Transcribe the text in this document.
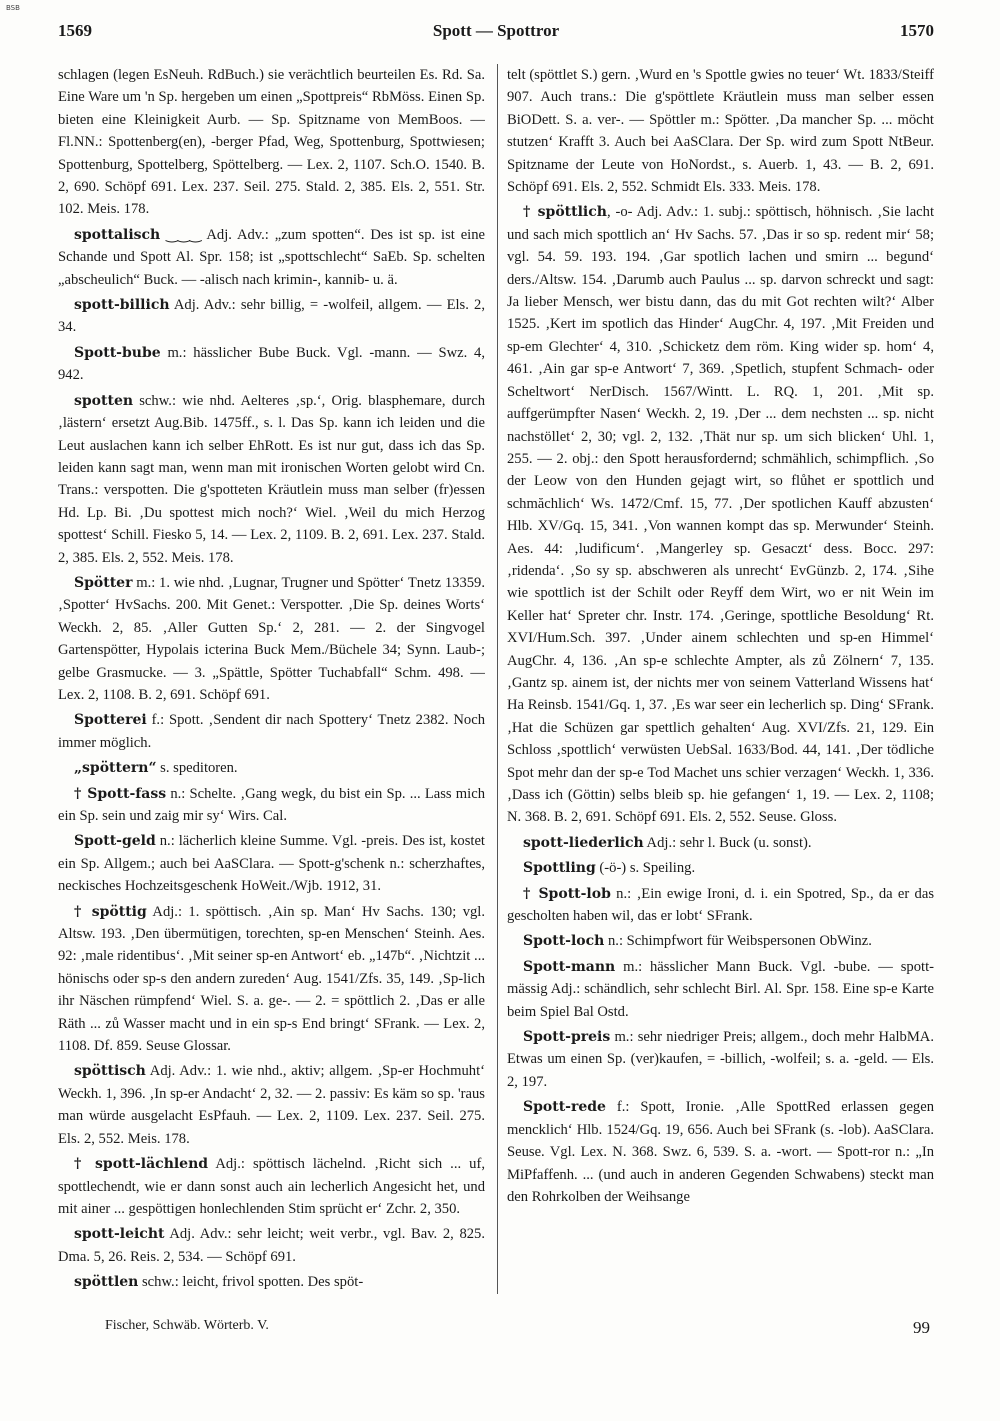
BSB
1569	Spott — Spottror	1570

schlagen (legen EsNeuh. RdBuch.) sie verächtlich beurteilen Es. Rd. Sa. Eine Ware um 'n Sp. hergeben um einen „Spottpreis“ RbMöss. Einen Sp. bieten eine Kleinigkeit Aurb. — Sp. Spitzname von MemBoos. — Fl.NN.: Spottenberg(en), -berger Pfad, Weg, Spottenburg, Spottwiesen; Spottenburg, Spottelberg, Spöttelberg. — Lex. 2, 1107. Sch.O. 1540. B. 2, 690. Schöpf 691. Lex. 237. Seil. 275. Stald. 2, 385. Els. 2, 551. Str. 102. Meis. 178.

spottalisch ‿‿‿ Adj. Adv.: „zum spotten“. Des ist sp. ist eine Schande und Spott Al. Spr. 158; ist „spottschlecht“ SaEb. Sp. schelten „abscheulich“ Buck. — -alisch nach krimin-, kannib- u. ä.

spott-billich Adj. Adv.: sehr billig, = -wolfeil, allgem. — Els. 2, 34.

Spott-bube m.: hässlicher Bube Buck. Vgl. -mann. — Swz. 4, 942.

spotten schw.: wie nhd. Aelteres ‚sp.‘, Orig. blasphemare, durch ‚lästern‘ ersetzt Aug.Bib. 1475ff., s. l. Das Sp. kann ich leiden und die Leut auslachen kann ich selber EhRott. Es ist nur gut, dass ich das Sp. leiden kann sagt man, wenn man mit ironischen Worten gelobt wird Cn. Trans.: verspotten. Die g'spotteten Kräutlein muss man selber (fr)essen Hd. Lp. Bi. ‚Du spottest mich noch?‘ Wiel. ‚Weil du mich Herzog spottest‘ Schill. Fiesko 5, 14. — Lex. 2, 1109. B. 2, 691. Lex. 237. Stald. 2, 385. Els. 2, 552. Meis. 178.

Spötter m.: 1. wie nhd. ‚Lugnar, Trugner und Spötter‘ Tnetz 13359. ‚Spotter‘ HvSachs. 200. Mit Genet.: Verspotter. ‚Die Sp. deines Worts‘ Weckh. 2, 85. ‚Aller Gutten Sp.‘ 2, 281. — 2. der Singvogel Gartenspötter, Hypolais icterina Buck Mem./Büchele 34; Synn. Laub-; gelbe Grasmucke. — 3. „Spättle, Spötter Tuchabfall“ Schm. 498. — Lex. 2, 1108. B. 2, 691. Schöpf 691.

Spotterei f.: Spott. ‚Sendent dir nach Spottery‘ Tnetz 2382. Noch immer möglich.

„spöttern“ s. speditoren.

† Spott-fass n.: Schelte. ‚Gang wegk, du bist ein Sp. ... Lass mich ein Sp. sein und zaig mir sy‘ Wirs. Cal.

Spott-geld n.: lächerlich kleine Summe. Vgl. -preis. Des ist, kostet ein Sp. Allgem.; auch bei AaSClara. — Spott-g'schenk n.: scherzhaftes, neckisches Hochzeitsgeschenk HoWeit./Wjb. 1912, 31.

† spöttig Adj.: 1. spöttisch. ‚Ain sp. Man‘ Hv Sachs. 130; vgl. Altsw. 193. ‚Den übermütigen, torechten, sp-en Menschen‘ Steinh. Aes. 92: ‚male ridentibus‘. ‚Mit seiner sp-en Antwort‘ eb. „147b“. ‚Nichtzit ... hönischs oder sp-s den andern zureden‘ Aug. 1541/Zfs. 35, 149. ‚Sp-lich ihr Näschen rümpfend‘ Wiel. S. a. ge-. — 2. = spöttlich 2. ‚Das er alle Räth ... zů Wasser macht und in ein sp-s End bringt‘ SFrank. — Lex. 2, 1108. Df. 859. Seuse Glossar.

spöttisch Adj. Adv.: 1. wie nhd., aktiv; allgem. ‚Sp-er Hochmuht‘ Weckh. 1, 396. ‚In sp-er Andacht‘ 2, 32. — 2. passiv: Es käm so sp. 'raus man würde ausgelacht EsPfauh. — Lex. 2, 1109. Lex. 237. Seil. 275. Els. 2, 552. Meis. 178.

† spott-lächlend Adj.: spöttisch lächelnd. ‚Richt sich ... uf, spottlechendt, wie er dann sonst auch ain lecherlich Angesicht het, und mit ainer ... gespöttigen honlechlenden Stim sprücht er‘ Zchr. 2, 350.

spott-leicht Adj. Adv.: sehr leicht; weit verbr., vgl. Bav. 2, 825. Dma. 5, 26. Reis. 2, 534. — Schöpf 691.

spöttlen schw.: leicht, frivol spotten. Des spöt-

telt (spöttlet S.) gern. ‚Wurd en 's Spottle gwies no teuer‘ Wt. 1833/Steiff 907. Auch trans.: Die g'spöttlete Kräutlein muss man selber essen BiODett. S. a. ver-. — Spöttler m.: Spötter. ‚Da mancher Sp. ... möcht stutzen‘ Krafft 3. Auch bei AaSClara. Der Sp. wird zum Spott NtBeur. Spitzname der Leute von HoNordst., s. Auerb. 1, 43. — B. 2, 691. Schöpf 691. Els. 2, 552. Schmidt Els. 333. Meis. 178.

† spöttlich, -o- Adj. Adv.: 1. subj.: spöttisch, höhnisch. ‚Sie lacht und sach mich spottlich an‘ Hv Sachs. 57. ‚Das ir so sp. redent mir‘ 58; vgl. 54. 59. 193. 194. ‚Gar spotlich lachen und smirn ... begund‘ ders./Altsw. 154. ‚Darumb auch Paulus ... sp. darvon schreckt und sagt: Ja lieber Mensch, wer bistu dann, das du mit Got rechten wilt?‘ Alber 1525. ‚Kert im spotlich das Hinder‘ AugChr. 4, 197. ‚Mit Freiden und sp-em Glechter‘ 4, 310. ‚Schicketz dem röm. King wider sp. hom‘ 4, 461. ‚Ain gar sp-e Antwort‘ 7, 369. ‚Spetlich, stupfent Schmach- oder Scheltwort‘ NerDisch. 1567/Wintt. L. RQ. 1, 201. ‚Mit sp. auffgerümpfter Nasen‘ Weckh. 2, 19. ‚Der ... dem nechsten ... sp. nicht nachstöllet‘ 2, 30; vgl. 2, 132. ‚Thät nur sp. um sich blicken‘ Uhl. 1, 255. — 2. obj.: den Spott herausfordernd; schmählich, schimpflich. ‚So der Leow von den Hunden gejagt wirt, so flůhet er spottlich und schmăchlich‘ Ws. 1472/Cmf. 15, 77. ‚Der spotlichen Kauff abzusten‘ Hlb. XV/Gq. 15, 341. ‚Von wannen kompt das sp. Merwunder‘ Steinh. Aes. 44: ‚ludificum‘. ‚Mangerley sp. Gesaczt‘ dess. Bocc. 297: ‚ridenda‘. ‚So sy sp. abschweren als unrecht‘ EvGünzb. 2, 174. ‚Sihe wie spottlich ist der Schilt oder Reyff dem Wirt, wo er nit Wein im Keller hat‘ Spreter chr. Instr. 174. ‚Geringe, spottliche Besoldung‘ Rt. XVI/Hum.Sch. 397. ‚Under ainem schlechten und sp-en Himmel‘ AugChr. 4, 136. ‚An sp-e schlechte Ampter, als zů Zölnern‘ 7, 135. ‚Gantz sp. ainem ist, der nichts mer von seinem Vatterland Wissens hat‘ Ha Reinsb. 1541/Gq. 1, 37. ‚Es war seer ein lecherlich sp. Ding‘ SFrank. ‚Hat die Schüzen gar spettlich gehalten‘ Aug. XVI/Zfs. 21, 129. Ein Schloss ‚spottlich‘ verwüsten UebSal. 1633/Bod. 44, 141. ‚Der tödliche Spot mehr dan der sp-e Tod Machet uns schier verzagen‘ Weckh. 1, 336. ‚Dass ich (Göttin) selbs bleib sp. hie gefangen‘ 1, 19. — Lex. 2, 1108; N. 368. B. 2, 691. Schöpf 691. Els. 2, 552. Seuse. Gloss.

spott-liederlich Adj.: sehr l. Buck (u. sonst).

Spottling (-ö-) s. Speiling.

† Spott-lob n.: ‚Ein ewige Ironi, d. i. ein Spotred, Sp., da er das gescholten haben wil, das er lobt‘ SFrank.

Spott-loch n.: Schimpfwort für Weibspersonen ObWinz.

Spott-mann m.: hässlicher Mann Buck. Vgl. -bube. — spott-mässig Adj.: schändlich, sehr schlecht Birl. Al. Spr. 158. Eine sp-e Karte beim Spiel Bal Ostd.

Spott-preis m.: sehr niedriger Preis; allgem., doch mehr HalbMA. Etwas um einen Sp. (ver)kaufen, = -billich, -wolfeil; s. a. -geld. — Els. 2, 197.

Spott-rede f.: Spott, Ironie. ‚Alle SpottRed erlassen gegen mencklich‘ Hlb. 1524/Gq. 19, 656. Auch bei SFrank (s. -lob). AaSClara. Seuse. Vgl. Lex. N. 368. Swz. 6, 539. S. a. -wort. — Spott-ror n.: „In MiPfaffenh. ... (und auch in anderen Gegenden Schwabens) steckt man den Rohrkolben der Weihsange

Fischer, Schwäb. Wörterb. V.	99
